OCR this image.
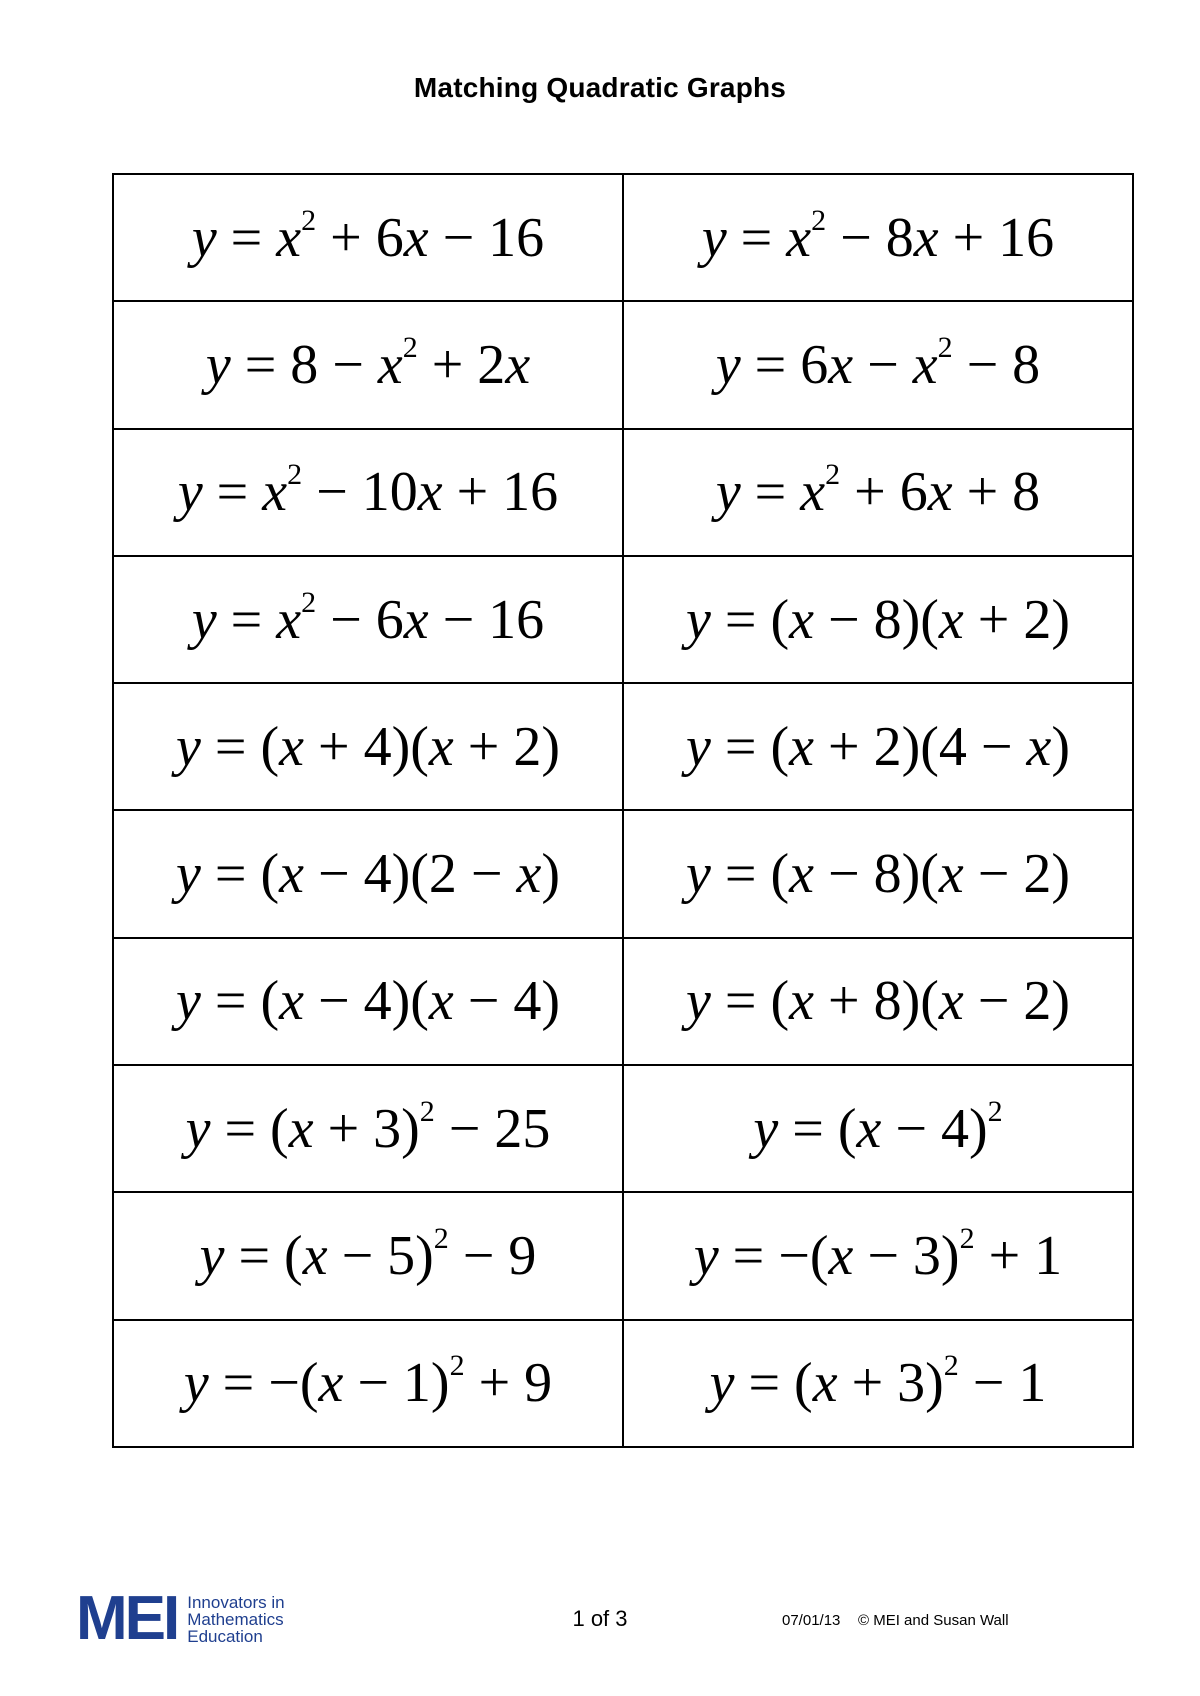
Matching Quadratic Graphs
$y = x^2 + 6x - 16$	$y = x^2 - 8x + 16$
$y = 8 - x^2 + 2x$	$y = 6x - x^2 - 8$
$y = x^2 - 10x + 16$	$y = x^2 + 6x + 8$
$y = x^2 - 6x - 16$	y = (x − 8)(x + 2)
y = (x + 4)(x + 2)	y = (x + 2)(4 − x)
y = (x − 4)(2 − x)	y = (x − 8)(x − 2)
y = (x − 4)(x − 4)	y = (x + 8)(x − 2)
$y = (x + 3)^2 - 25$	$y = (x - 4)^2$
$y = (x - 5)^2 - 9$	$y = -(x - 3)^2 + 1$
$y = -(x - 1)^2 + 9$	$y = (x + 3)^2 - 1$
MEI Innovators in
Mathematics
Education
1 of 3	07/01/13 © MEI and Susan Wall
